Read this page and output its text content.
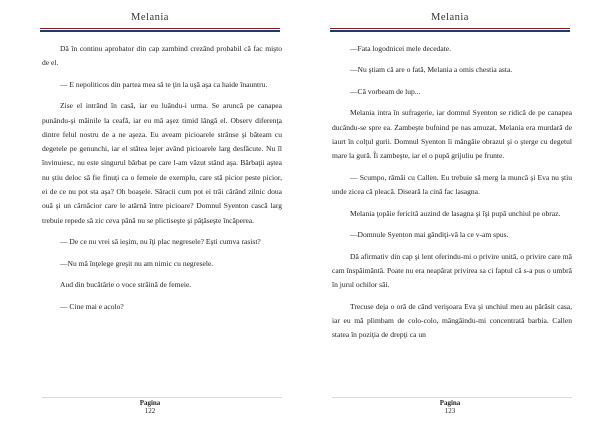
Melania

Dă în continu aprobator din cap zambind crezând probabil că fac mişto de el.

— E nepoliticos din partea mea să te ţin la uşă aşa ca haide înauntru.

Zise el intrând în casă, iar eu luându-i urma. Se aruncă pe canapea punându-şi mâinile la ceafă, iar eu mă aşez timid lângă el. Observ diferenţa dintre felul nostru de a ne aşeza. Eu aveam picioarele strânse şi băteam cu degetele pe genunchi, iar el stătea lejer având picioarele larg desfăcute. Nu îl învinuiesc, nu este singurul bărbat pe care l-am văzut stând aşa. Bărbaţii aştea nu ştiu deloc să fie finuţi ca o femeie de exemplu, care stă picior peste picior, ei de ce nu pot sta aşa? Oh boaşele. Săracii cum pot ei trăi cărând zilnic doua ouă şi un cârnăcior care le atârnă între picioare? Domnul Syenton cască larg trebuie repede să zic ceva până nu se plictiseşte şi păţăseşte încăperea.

— De ce nu vrei să ieşim, nu îţi plac negresele? Eşti cumva rasist?

—Nu mă înţelege greşit nu am nimic cu negresele.

Aud din bucătărie o voce străină de femeie.

— Cine mai e acolo?

Pagina
122
Melania

—Fata logodnicei mele decedate.

—Nu ştiam că are o fată, Melania a omis chestia asta.

—Că vorbeam de lup...

Melania intra în sufragerie, iar domnul Syenton se ridică de pe canapea ducându-se spre ea. Zambeşte bufnind pe nas amuzat, Melania era murdară de iaurt în colţul gurii. Domnul Syenton îi mângâie obrazul şi o şterge cu degetul mare la gură. Îi zambeşte, iar el o pupă grijuliu pe frunte.

— Scumpo, rămâi cu Callen. Eu trebuie să merg la muncă şi Eva nu ştiu unde zicea că pleacă. Diseară la cină fac lasagna.

Melania ţopăie fericită auzind de lasagna şi îşi pupă unchiul pe obraz.

—Domnule Syenton mai gândiţi-vă la ce v-am spus.

Dă afirmativ din cap şi lent oferindu-mi o privire unită, o privire care mă cam înspăimântă. Poate nu era neapărat privirea sa ci faptul că s-a pus o umbră în jurul ochilor săi.

Trecuse deja o oră de când verişoara Eva şi unchiul meu au părăsit casa, iar eu mă plimbam de colo-colo, mângâindu-mi concentrată barbia. Callen statea în poziţia de drepţi ca un

Pagina
123
